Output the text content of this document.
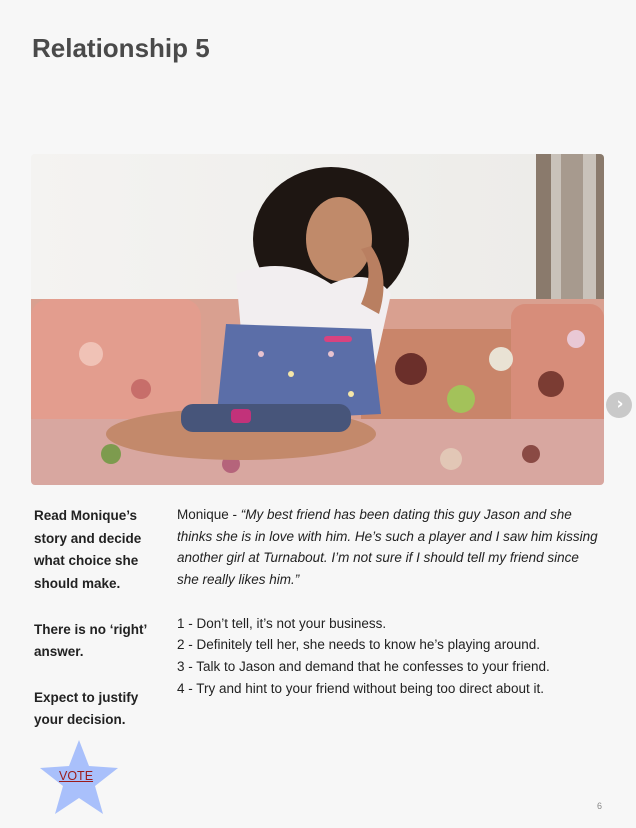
Relationship 5
›

Read Monique’s story and decide what choice she should make.

There is no ‘right’ answer.

Expect to justify your decision.

Monique - “My best friend has been dating this guy Jason and she thinks she is in love with him. He’s such a player and I saw him kissing another girl at Turnabout. I’m not sure if I should tell my friend since she really likes him.”

1 - Don’t tell, it’s not your business.
2 - Definitely tell her, she needs to know he’s playing around.
3 - Talk to Jason and demand that he confesses to your friend.
4 - Try and hint to your friend without being too direct about it.
VOTE
6
